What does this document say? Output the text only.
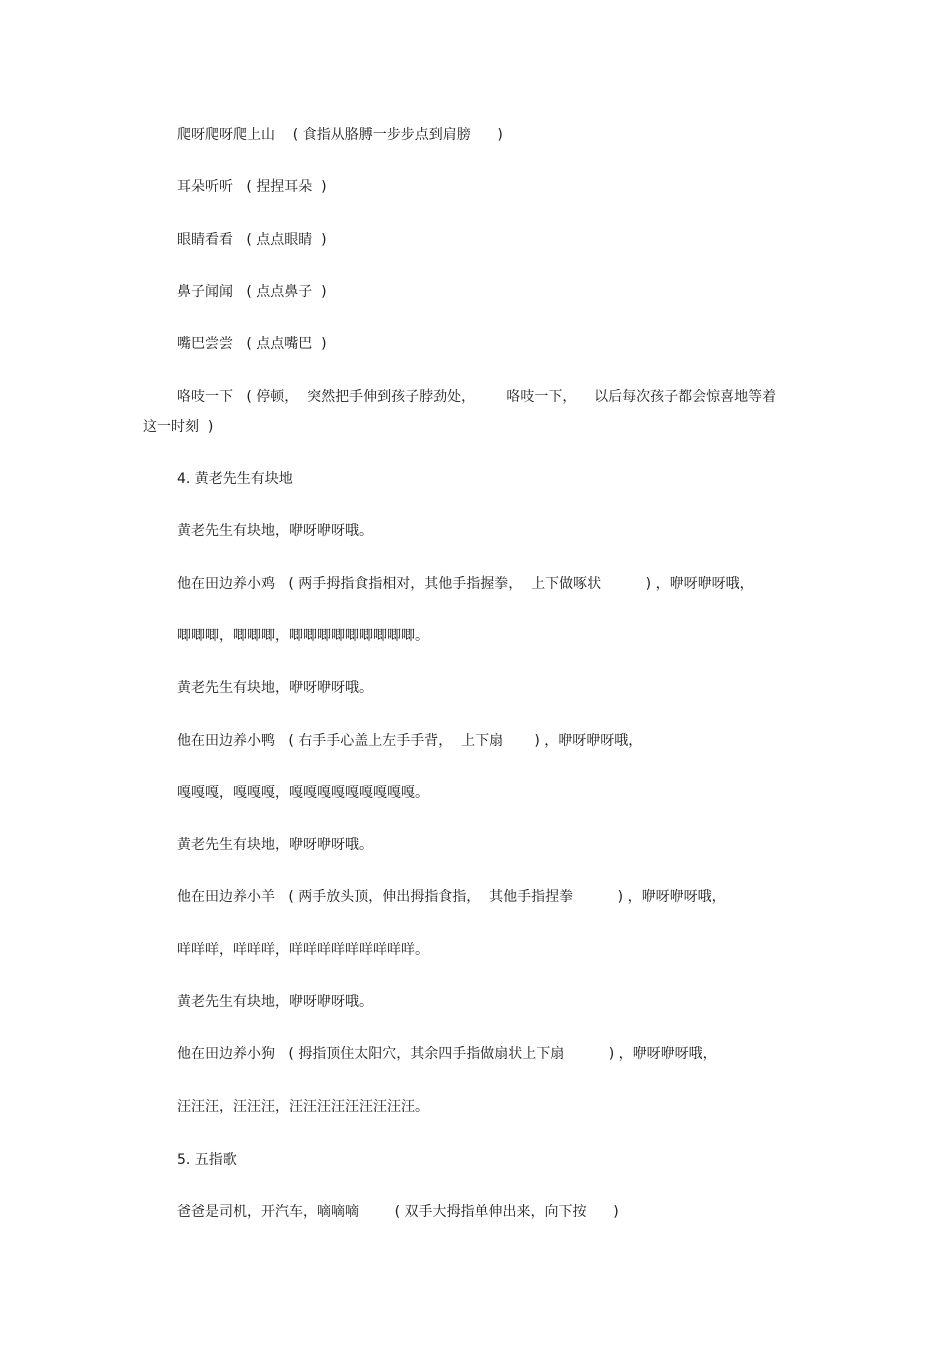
爬呀爬呀爬上山    ( 食指从胳膊一步步点到肩膀      )
耳朵听听   ( 捏捏耳朵  )
眼睛看看   ( 点点眼睛  )
鼻子闻闻   ( 点点鼻子  )
嘴巴尝尝   ( 点点嘴巴  )
咯吱一下   ( 停顿，  突然把手伸到孩子脖劲处，       咯吱一下，    以后每次孩子都会惊喜地等着
这一时刻  )
4. 黄老先生有块地
黄老先生有块地，咿呀咿呀哦。
他在田边养小鸡   ( 两手拇指食指相对，其他手指握拳，  上下做啄状          ) ，咿呀咿呀哦，
唧唧唧，唧唧唧，唧唧唧唧唧唧唧唧唧。
黄老先生有块地，咿呀咿呀哦。
他在田边养小鸭   ( 右手手心盖上左手手背，  上下扇       ) ，咿呀咿呀哦，
嘎嘎嘎，嘎嘎嘎，嘎嘎嘎嘎嘎嘎嘎嘎嘎。
黄老先生有块地，咿呀咿呀哦。
他在田边养小羊   ( 两手放头顶，伸出拇指食指，  其他手指捏拳          ) ，咿呀咿呀哦，
咩咩咩，咩咩咩，咩咩咩咩咩咩咩咩咩。
黄老先生有块地，咿呀咿呀哦。
他在田边养小狗   ( 拇指顶住太阳穴，其余四手指做扇状上下扇          ) ，咿呀咿呀哦，
汪汪汪，汪汪汪，汪汪汪汪汪汪汪汪汪。
5. 五指歌
爸爸是司机，开汽车，嘀嘀嘀        ( 双手大拇指单伸出来，向下按      )
